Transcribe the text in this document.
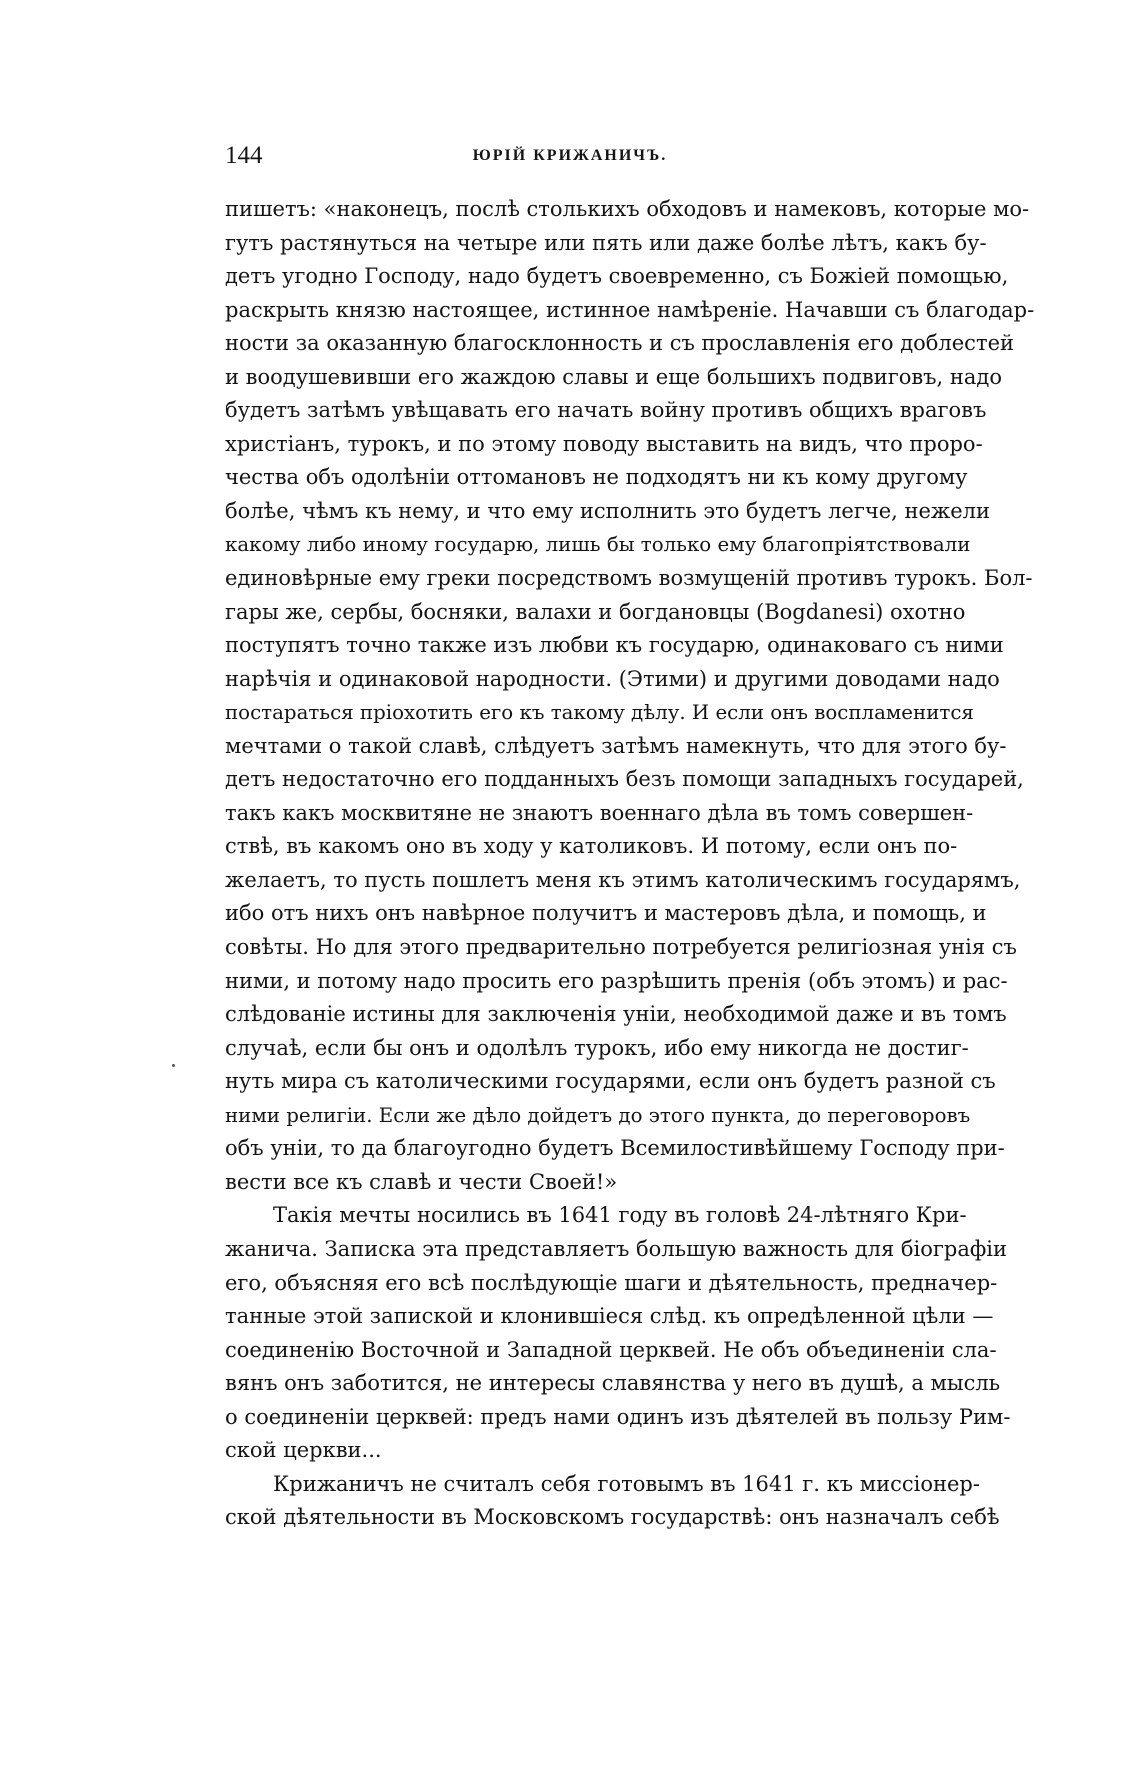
144	ЮРІЙ КРИЖАНИЧЪ.
пишетъ: «наконецъ, послѣ столькихъ обходовъ и намековъ, которые мо-
гутъ растянуться на четыре или пять или даже болѣе лѣтъ, какъ бу-
детъ угодно Господу, надо будетъ своевременно, съ Божіей помощью,
раскрыть князю настоящее, истинное намѣреніе. Начавши съ благодар-
ности за оказанную благосклонность и съ прославленія его доблестей
и воодушевивши его жаждою славы и еще большихъ подвиговъ, надо
будетъ затѣмъ увѣщавать его начать войну противъ общихъ враговъ
христіанъ, турокъ, и по этому поводу выставить на видъ, что проро-
чества объ одолѣніи оттомановъ не подходятъ ни къ кому другому
болѣе, чѣмъ къ нему, и что ему исполнить это будетъ легче, нежели
какому либо иному государю, лишь бы только ему благопріятствовали
единовѣрные ему греки посредствомъ возмущеній противъ турокъ. Бол-
гары же, сербы, босняки, валахи и богдановцы (Bogdanesi) охотно
поступятъ точно также изъ любви къ государю, одинаковаго съ ними
нарѣчія и одинаковой народности. (Этими) и другими доводами надо
постараться пріохотить его къ такому дѣлу. И если онъ воспламенится
мечтами о такой славѣ, слѣдуетъ затѣмъ намекнуть, что для этого бу-
детъ недостаточно его подданныхъ безъ помощи западныхъ государей,
такъ какъ москвитяне не знаютъ военнаго дѣла въ томъ совершен-
ствѣ, въ какомъ оно въ ходу у католиковъ. И потому, если онъ по-
желаетъ, то пусть пошлетъ меня къ этимъ католическимъ государямъ,
ибо отъ нихъ онъ навѣрное получитъ и мастеровъ дѣла, и помощь, и
совѣты. Но для этого предварительно потребуется религіозная унія съ
ними, и потому надо просить его разрѣшить пренія (объ этомъ) и рас-
слѣдованіе истины для заключенія уніи, необходимой даже и въ томъ
случаѣ, если бы онъ и одолѣлъ турокъ, ибо ему никогда не достиг-
нуть мира съ католическими государями, если онъ будетъ разной съ
ними религіи. Если же дѣло дойдетъ до этого пункта, до переговоровъ
объ уніи, то да благоугодно будетъ Всемилостивѣйшему Господу при-
вести все къ славѣ и чести Своей!»
Такія мечты носились въ 1641 году въ головѣ 24-лѣтняго Кри-
жанича. Записка эта представляетъ большую важность для біографіи
его, объясняя его всѣ послѣдующіе шаги и дѣятельность, предначер-
танные этой запиской и клонившіеся слѣд. къ опредѣленной цѣли —
соединенію Восточной и Западной церквей. Не объ объединеніи сла-
вянъ онъ заботится, не интересы славянства у него въ душѣ, а мысль
о соединеніи церквей: предъ нами одинъ изъ дѣятелей въ пользу Рим-
ской церкви...
Крижаничъ не считалъ себя готовымъ въ 1641 г. къ миссіонер-
ской дѣятельности въ Московскомъ государствѣ: онъ назначалъ себѣ
